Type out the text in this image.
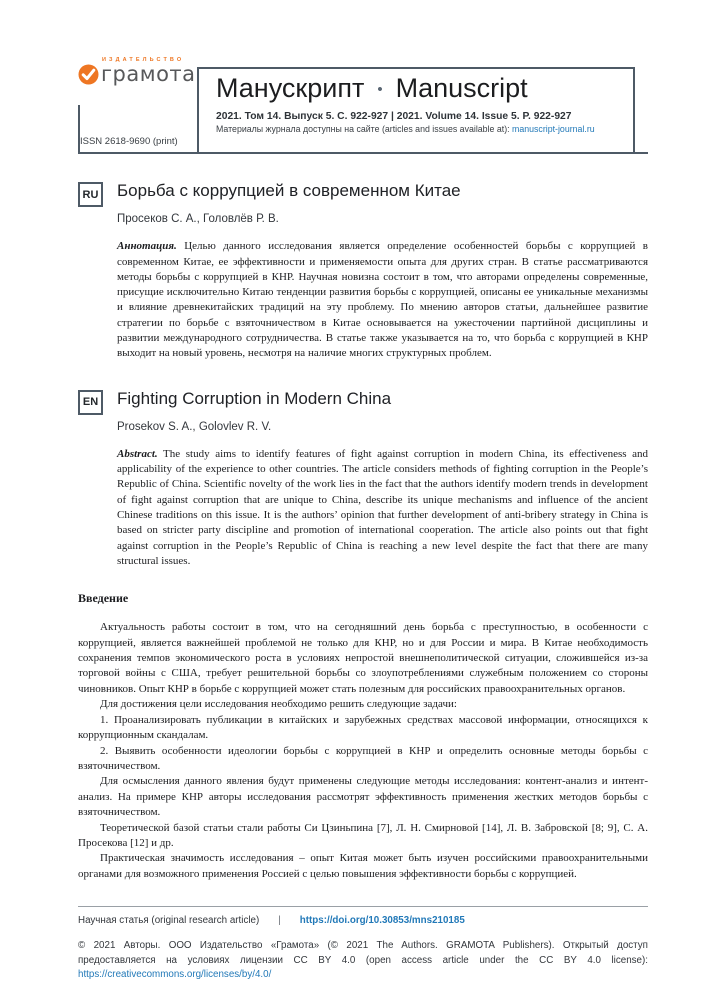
ИЗДАТЕЛЬСТВО
грамота Манускрипт • Manuscript
2021. Том 14. Выпуск 5. С. 922-927 | 2021. Volume 14. Issue 5. P. 922-927
Материалы журнала доступны на сайте (articles and issues available at): manuscript-journal.ru
ISSN 2618-9690 (print)
RU Борьба с коррупцией в современном Китае
Просеков С. А., Головлёв Р. В.

Аннотация. Целью данного исследования является определение особенностей борьбы с коррупцией в современном Китае, ее эффективности и применяемости опыта для других стран. В статье рассматриваются методы борьбы с коррупцией в КНР. Научная новизна состоит в том, что авторами определены современные, присущие исключительно Китаю тенденции развития борьбы с коррупцией, описаны ее уникальные механизмы и влияние древнекитайских традиций на эту проблему. По мнению авторов статьи, дальнейшее развитие стратегии по борьбе с взяточничеством в Китае основывается на ужесточении партийной дисциплины и развитии международного сотрудничества. В статье также указывается на то, что борьба с коррупцией в КНР выходит на новый уровень, несмотря на наличие многих структурных проблем.

EN Fighting Corruption in Modern China
Prosekov S. A., Golovlev R. V.

Abstract. The study aims to identify features of fight against corruption in modern China, its effectiveness and applicability of the experience to other countries. The article considers methods of fighting corruption in the People’s Republic of China. Scientific novelty of the work lies in the fact that the authors identify modern trends in development of fight against corruption that are unique to China, describe its unique mechanisms and influence of the ancient Chinese traditions on this issue. It is the authors’ opinion that further development of anti-bribery strategy in China is based on stricter party discipline and promotion of international cooperation. The article also points out that fight against corruption in the People’s Republic of China is reaching a new level despite the fact that there are many structural issues.

Введение

Актуальность работы состоит в том, что на сегодняшний день борьба с преступностью, в особенности с коррупцией, является важнейшей проблемой не только для КНР, но и для России и мира. В Китае необходимость сохранения темпов экономического роста в условиях непростой внешнеполитической ситуации, сложившейся из-за торговой войны с США, требует решительной борьбы со злоупотреблениями служебным положением со стороны чиновников. Опыт КНР в борьбе с коррупцией может стать полезным для российских правоохранительных органов.

Для достижения цели исследования необходимо решить следующие задачи:

1. Проанализировать публикации в китайских и зарубежных средствах массовой информации, относящихся к коррупционным скандалам.

2. Выявить особенности идеологии борьбы с коррупцией в КНР и определить основные методы борьбы с взяточничеством.

Для осмысления данного явления будут применены следующие методы исследования: контент-анализ и интент-анализ. На примере КНР авторы исследования рассмотрят эффективность применения жестких методов борьбы с взяточничеством.

Теоретической базой статьи стали работы Си Цзиньпина [7], Л. Н. Смирновой [14], Л. В. Забровской [8; 9], С. А. Просекова [12] и др.

Практическая значимость исследования – опыт Китая может быть изучен российскими правоохранительными органами для возможного применения Россией с целью повышения эффективности борьбы с коррупцией.

Научная статья (original research article) | https://doi.org/10.30853/mns210185

© 2021 Авторы. ООО Издательство «Грамота» (© 2021 The Authors. GRAMOTA Publishers). Открытый доступ предоставляется на условиях лицензии CC BY 4.0 (open access article under the CC BY 4.0 license): https://creativecommons.org/licenses/by/4.0/
